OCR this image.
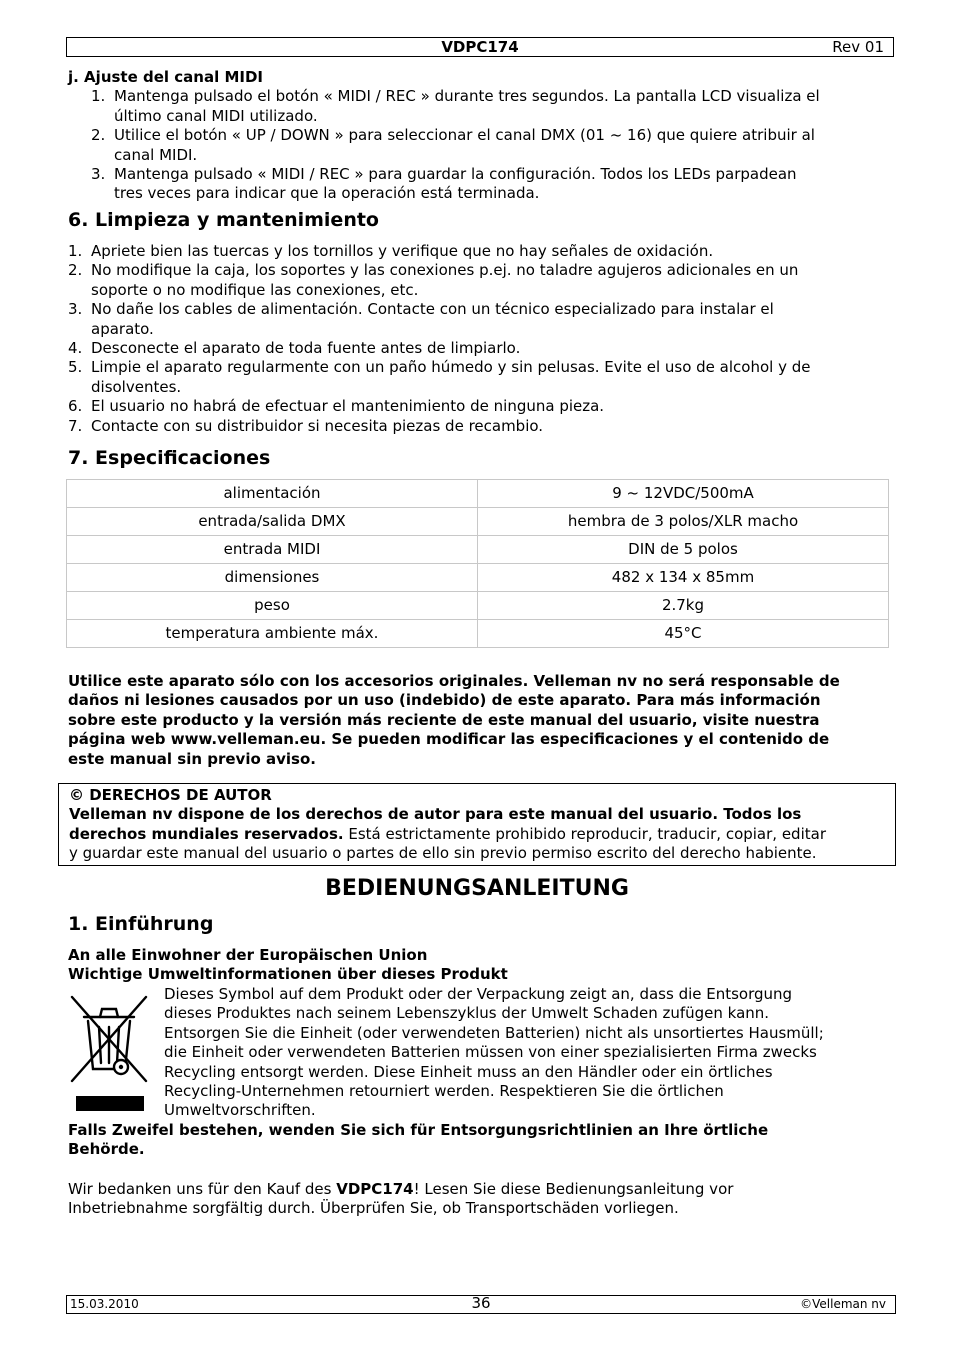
VDPC174	Rev 01
j. Ajuste del canal MIDI
1. Mantenga pulsado el botón « MIDI / REC » durante tres segundos. La pantalla LCD visualiza el
último canal MIDI utilizado.
2. Utilice el botón « UP / DOWN » para seleccionar el canal DMX (01 ~ 16) que quiere atribuir al
canal MIDI.
3. Mantenga pulsado « MIDI / REC » para guardar la configuración. Todos los LEDs parpadean
tres veces para indicar que la operación está terminada.
6. Limpieza y mantenimiento
1. Apriete bien las tuercas y los tornillos y verifique que no hay señales de oxidación.
2. No modifique la caja, los soportes y las conexiones p.ej. no taladre agujeros adicionales en un
soporte o no modifique las conexiones, etc.
3. No dañe los cables de alimentación. Contacte con un técnico especializado para instalar el
aparato.
4. Desconecte el aparato de toda fuente antes de limpiarlo.
5. Limpie el aparato regularmente con un paño húmedo y sin pelusas. Evite el uso de alcohol y de
disolventes.
6. El usuario no habrá de efectuar el mantenimiento de ninguna pieza.
7. Contacte con su distribuidor si necesita piezas de recambio.
7. Especificaciones
alimentación	9 ~ 12VDC/500mA
entrada/salida DMX	hembra de 3 polos/XLR macho
entrada MIDI	DIN de 5 polos
dimensiones	482 x 134 x 85mm
peso	2.7kg
temperatura ambiente máx.	45°C
Utilice este aparato sólo con los accesorios originales. Velleman nv no será responsable de
daños ni lesiones causados por un uso (indebido) de este aparato. Para más información
sobre este producto y la versión más reciente de este manual del usuario, visite nuestra
página web www.velleman.eu. Se pueden modificar las especificaciones y el contenido de
este manual sin previo aviso.
© DERECHOS DE AUTOR
Velleman nv dispone de los derechos de autor para este manual del usuario. Todos los
derechos mundiales reservados. Está estrictamente prohibido reproducir, traducir, copiar, editar
y guardar este manual del usuario o partes de ello sin previo permiso escrito del derecho habiente.
BEDIENUNGSANLEITUNG
1. Einführung
An alle Einwohner der Europäischen Union
Wichtige Umweltinformationen über dieses Produkt
Dieses Symbol auf dem Produkt oder der Verpackung zeigt an, dass die Entsorgung
dieses Produktes nach seinem Lebenszyklus der Umwelt Schaden zufügen kann.
Entsorgen Sie die Einheit (oder verwendeten Batterien) nicht als unsortiertes Hausmüll;
die Einheit oder verwendeten Batterien müssen von einer spezialisierten Firma zwecks
Recycling entsorgt werden. Diese Einheit muss an den Händler oder ein örtliches
Recycling-Unternehmen retourniert werden. Respektieren Sie die örtlichen
Umweltvorschriften.
Falls Zweifel bestehen, wenden Sie sich für Entsorgungsrichtlinien an Ihre örtliche
Behörde.
Wir bedanken uns für den Kauf des VDPC174! Lesen Sie diese Bedienungsanleitung vor
Inbetriebnahme sorgfältig durch. Überprüfen Sie, ob Transportschäden vorliegen.
15.03.2010	36	©Velleman nv
